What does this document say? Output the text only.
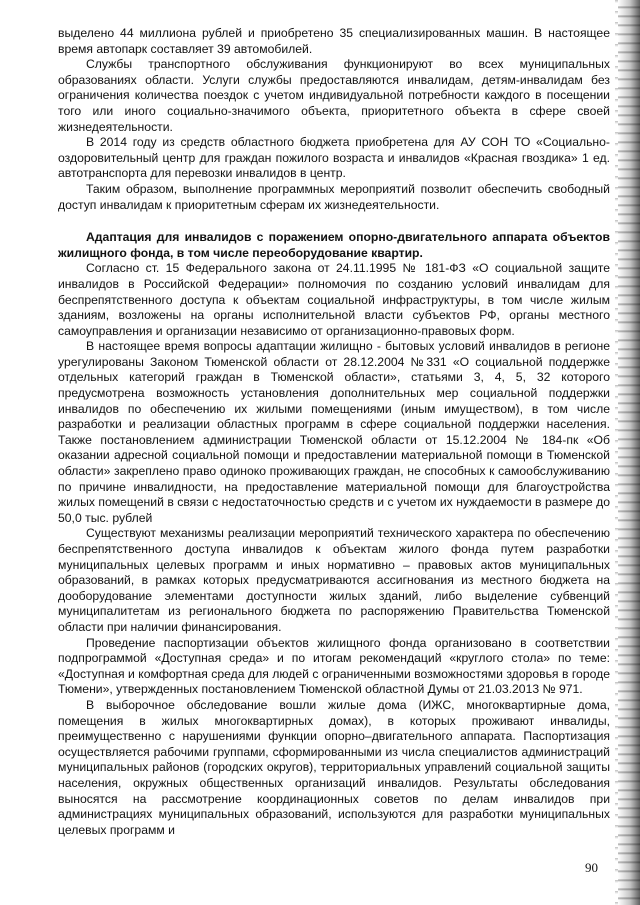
выделено 44 миллиона рублей и приобретено 35 специализированных машин. В настоящее время автопарк составляет 39 автомобилей.

Службы транспортного обслуживания функционируют во всех муниципальных образованиях области. Услуги службы предоставляются инвалидам, детям-инвалидам без ограничения количества поездок с учетом индивидуальной потребности каждого в посещении того или иного социально-значимого объекта, приоритетного объекта в сфере своей жизнедеятельности.

В 2014 году из средств областного бюджета приобретена для АУ СОН ТО «Социально-оздоровительный центр для граждан пожилого возраста и инвалидов «Красная гвоздика» 1 ед. автотранспорта для перевозки инвалидов в центр.

Таким образом, выполнение программных мероприятий позволит обеспечить свободный доступ инвалидам к приоритетным сферам их жизнедеятельности.

Адаптация для инвалидов с поражением опорно-двигательного аппарата объектов жилищного фонда, в том числе переоборудование квартир.

Согласно ст. 15 Федерального закона от 24.11.1995 № 181-ФЗ «О социальной защите инвалидов в Российской Федерации» полномочия по созданию условий инвалидам для беспрепятственного доступа к объектам социальной инфраструктуры, в том числе жилым зданиям, возложены на органы исполнительной власти субъектов РФ, органы местного самоуправления и организации независимо от организационно-правовых форм.

В настоящее время вопросы адаптации жилищно - бытовых условий инвалидов в регионе урегулированы Законом Тюменской области от 28.12.2004 №331 «О социальной поддержке отдельных категорий граждан в Тюменской области», статьями 3, 4, 5, 32 которого предусмотрена возможность установления дополнительных мер социальной поддержки инвалидов по обеспечению их жилыми помещениями (иным имуществом), в том числе разработки и реализации областных программ в сфере социальной поддержки населения. Также постановлением администрации Тюменской области от 15.12.2004 № 184-пк «Об оказании адресной социальной помощи и предоставлении материальной помощи в Тюменской области» закреплено право одиноко проживающих граждан, не способных к самообслуживанию по причине инвалидности, на предоставление материальной помощи для благоустройства жилых помещений в связи с недостаточностью средств и с учетом их нуждаемости в размере до 50,0 тыс. рублей

Существуют механизмы реализации мероприятий технического характера по обеспечению беспрепятственного доступа инвалидов к объектам жилого фонда путем разработки муниципальных целевых программ и иных нормативно – правовых актов муниципальных образований, в рамках которых предусматриваются ассигнования из местного бюджета на дооборудование элементами доступности жилых зданий, либо выделение субвенций муниципалитетам из регионального бюджета по распоряжению Правительства Тюменской области при наличии финансирования.

Проведение паспортизации объектов жилищного фонда организовано в соответствии подпрограммой «Доступная среда» и по итогам рекомендаций «круглого стола» по теме: «Доступная и комфортная среда для людей с ограниченными возможностями здоровья в городе Тюмени», утвержденных постановлением Тюменской областной Думы от 21.03.2013 № 971.

В выборочное обследование вошли жилые дома (ИЖС, многоквартирные дома, помещения в жилых многоквартирных домах), в которых проживают инвалиды, преимущественно с нарушениями функции опорно–двигательного аппарата. Паспортизация осуществляется рабочими группами, сформированными из числа специалистов администраций муниципальных районов (городских округов), территориальных управлений социальной защиты населения, окружных общественных организаций инвалидов. Результаты обследования выносятся на рассмотрение координационных советов по делам инвалидов при администрациях муниципальных образований, используются для разработки муниципальных целевых программ и

90
